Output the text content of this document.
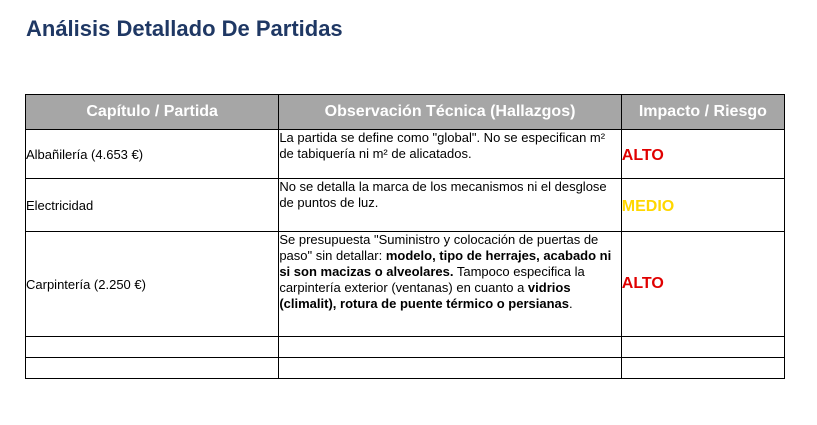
Análisis Detallado De Partidas
Capítulo / Partida	Observación Técnica (Hallazgos)	Impacto / Riesgo
Albañilería (4.653 €)	La partida se define como "global". No se especifican m² de tabiquería ni m² de alicatados.	ALTO
Electricidad	No se detalla la marca de los mecanismos ni el desglose de puntos de luz.	MEDIO
Carpintería (2.250 €)	Se presupuesta "Suministro y colocación de puertas de paso" sin detallar: modelo, tipo de herrajes, acabado ni si son macizas o alveolares. Tampoco especifica la carpintería exterior (ventanas) en cuanto a vidrios (climalit), rotura de puente térmico o persianas.	ALTO
